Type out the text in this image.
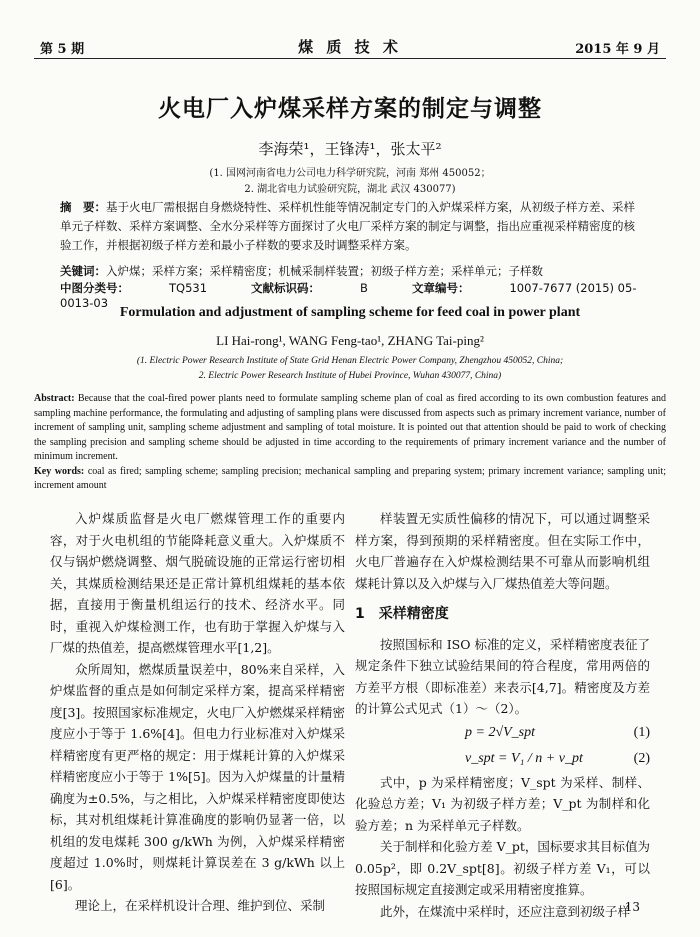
第 5 期	煤 质 技 术	2015 年 9 月
火电厂入炉煤采样方案的制定与调整
李海荣¹，王锋涛¹，张太平²
(1. 国网河南省电力公司电力科学研究院，河南 郑州 450052；
2. 湖北省电力试验研究院，湖北 武汉 430077)
摘　要：基于火电厂需根据自身燃烧特性、采样机性能等情况制定专门的入炉煤采样方案，从初级子样方差、采样单元子样数、采样方案调整、全水分采样等方面探讨了火电厂采样方案的制定与调整，指出应重视采样精密度的核验工作，并根据初级子样方差和最小子样数的要求及时调整采样方案。
关键词：入炉煤；采样方案；采样精密度；机械采制样装置；初级子样方差；采样单元；子样数
中图分类号：	TQ531	文献标识码：	B	文章编号：	1007-7677 (2015) 05-0013-03
Formulation and adjustment of sampling scheme for feed coal in power plant
LI Hai-rong¹, WANG Feng-tao¹, ZHANG Tai-ping²
(1. Electric Power Research Institute of State Grid Henan Electric Power Company, Zhengzhou 450052, China;
2. Electric Power Research Institute of Hubei Province, Wuhan 430077, China)
Abstract: Because that the coal-fired power plants need to formulate sampling scheme plan of coal as fired according to its own combustion features and sampling machine performance, the formulating and adjusting of sampling plans were discussed from aspects such as primary increment variance, number of increment of sampling unit, sampling scheme adjustment and sampling of total moisture. It is pointed out that attention should be paid to work of checking the sampling precision and sampling scheme should be adjusted in time according to the requirements of primary increment variance and the number of minimum increment.
Key words: coal as fired; sampling scheme; sampling precision; mechanical sampling and preparing system; primary increment variance; sampling unit; increment amount

入炉煤质监督是火电厂燃煤管理工作的重要内容，对于火电机组的节能降耗意义重大。入炉煤质不仅与锅炉燃烧调整、烟气脱硫设施的正常运行密切相关，其煤质检测结果还是正常计算机组煤耗的基本依据，直接用于衡量机组运行的技术、经济水平。同时，重视入炉煤检测工作，也有助于掌握入炉煤与入厂煤的热值差，提高燃煤管理水平[1,2]。

众所周知，燃煤质量误差中，80%来自采样，入炉煤监督的重点是如何制定采样方案，提高采样精密度[3]。按照国家标准规定，火电厂入炉燃煤采样精密度应小于等于 1.6%[4]。但电力行业标准对入炉煤采样精密度有更严格的规定：用于煤耗计算的入炉煤采样精密度应小于等于 1%[5]。因为入炉煤量的计量精确度为±0.5%，与之相比，入炉煤采样精密度即使达标，其对机组煤耗计算准确度的影响仍显著一倍，以机组的发电煤耗 300 g/kWh 为例，入炉煤采样精密度超过 1.0%时，则煤耗计算误差在 3 g/kWh 以上[6]。

理论上，在采样机设计合理、维护到位、采制

样装置无实质性偏移的情况下，可以通过调整采样方案，得到预期的采样精密度。但在实际工作中，火电厂普遍存在入炉煤检测结果不可靠从而影响机组煤耗计算以及入炉煤与入厂煤热值差大等问题。

1　采样精密度

按照国标和 ISO 标准的定义，采样精密度表征了规定条件下独立试验结果间的符合程度，常用两倍的方差平方根（即标准差）来表示[4,7]。精密度及方差的计算公式见式（1）～（2）。

p = 2√V_spt	(1)
v_spt = V₁ / n + v_pt	(2)

式中，p 为采样精密度；V_spt 为采样、制样、化验总方差；V₁ 为初级子样方差；V_pt 为制样和化验方差；n 为采样单元子样数。

关于制样和化验方差 V_pt，国标要求其目标值为 0.05p²，即 0.2V_spt[8]。初级子样方差 V₁，可以按照国标规定直接测定或采用精密度推算。

此外，在煤流中采样时，还应注意到初级子样

13
